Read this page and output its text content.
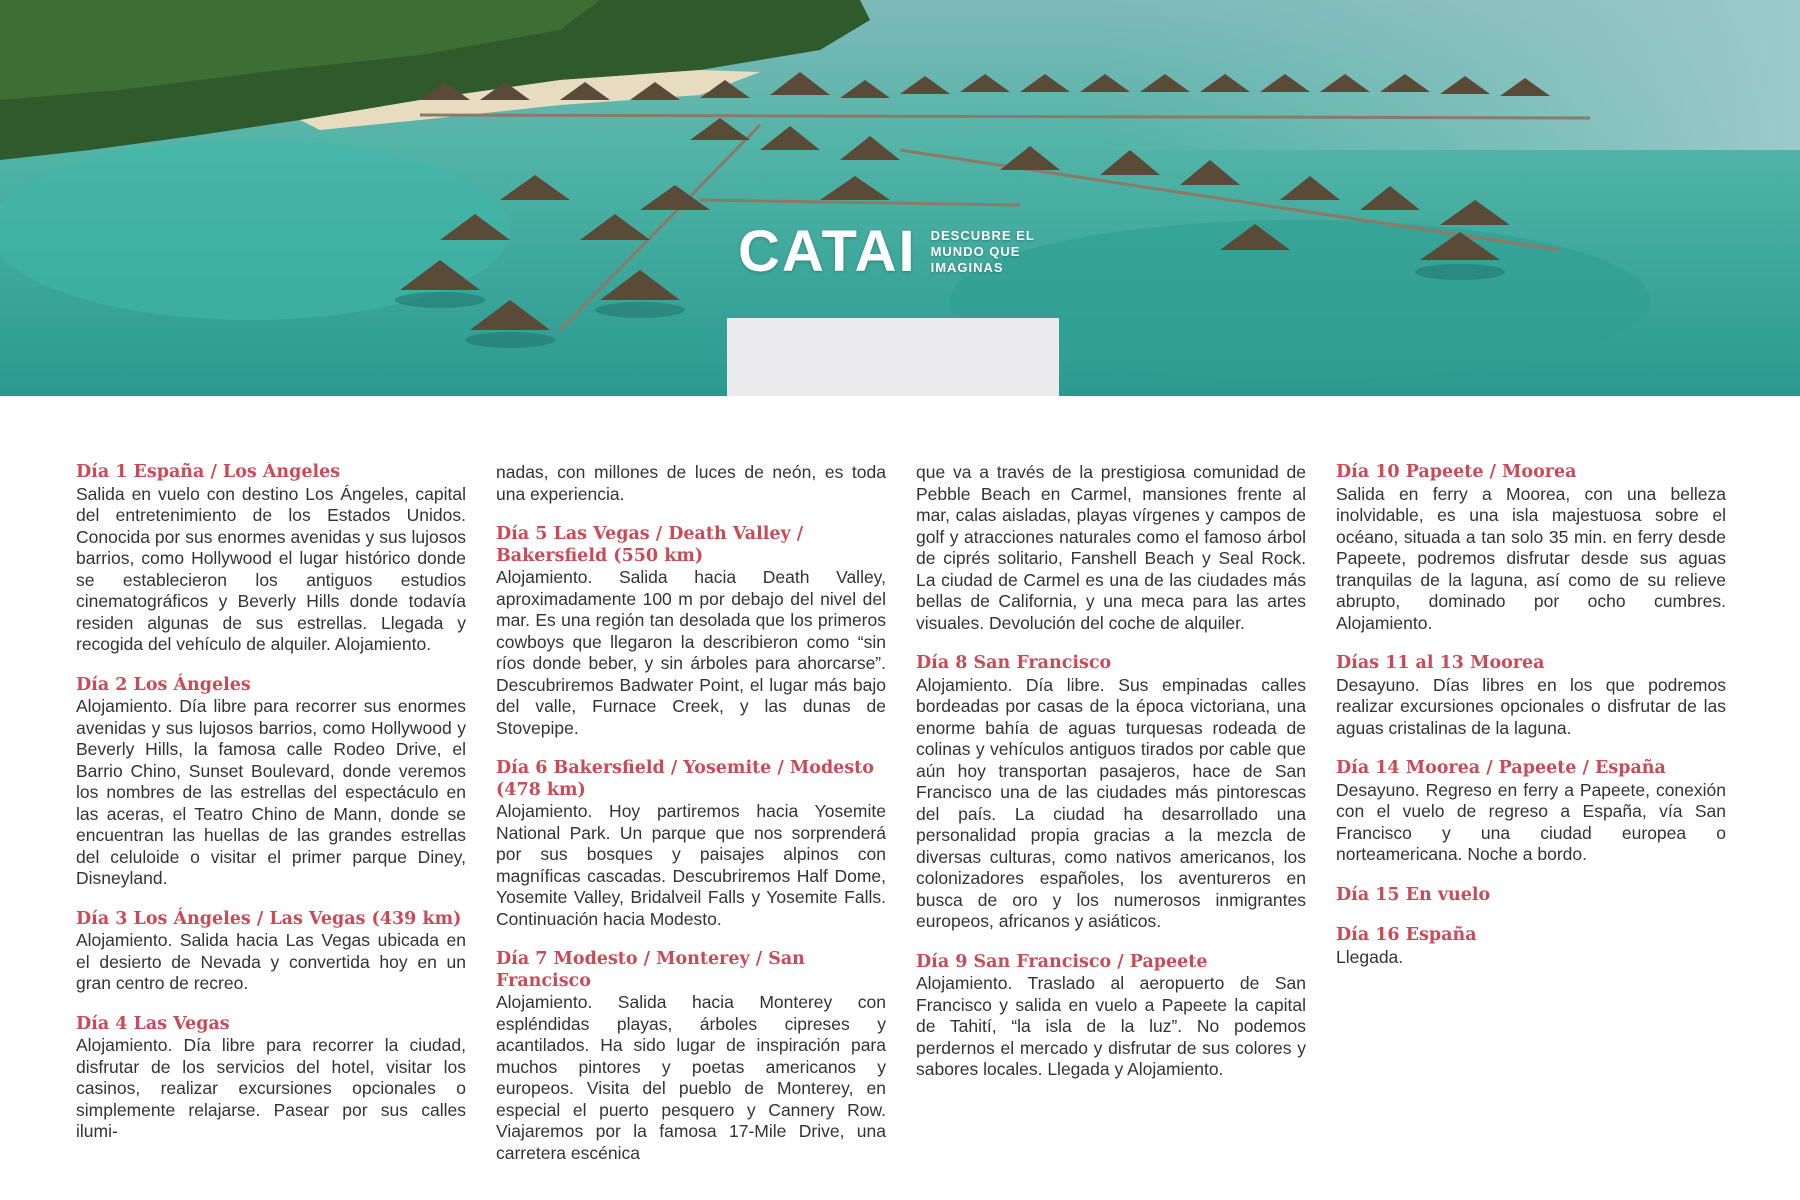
CATAI DESCUBRE EL
MUNDO QUE
IMAGINAS

Día 1 España / Los Ángeles

Salida en vuelo con destino Los Ángeles, capital del entretenimiento de los Estados Unidos. Conocida por sus enormes avenidas y sus lujosos barrios, como Hollywood el lugar histórico donde se establecieron los antiguos estudios cinematográficos y Beverly Hills donde todavía residen algunas de sus estrellas. Llegada y recogida del vehículo de alquiler. Alojamiento.

Día 2 Los Ángeles

Alojamiento. Día libre para recorrer sus enormes avenidas y sus lujosos barrios, como Hollywood y Beverly Hills, la famosa calle Rodeo Drive, el Barrio Chino, Sunset Boulevard, donde veremos los nombres de las estrellas del espectáculo en las aceras, el Teatro Chino de Mann, donde se encuentran las huellas de las grandes estrellas del celuloide o visitar el primer parque Diney, Disneyland.

Día 3 Los Ángeles / Las Vegas (439 km)

Alojamiento. Salida hacia Las Vegas ubicada en el desierto de Nevada y convertida hoy en un gran centro de recreo.

Día 4 Las Vegas

Alojamiento. Día libre para recorrer la ciudad, disfrutar de los servicios del hotel, visitar los casinos, realizar excursiones opcionales o simplemente relajarse. Pasear por sus calles ilumi-

nadas, con millones de luces de neón, es toda una experiencia.

Día 5 Las Vegas / Death Valley / Bakersfield (550 km)

Alojamiento. Salida hacia Death Valley, aproximadamente 100 m por debajo del nivel del mar. Es una región tan desolada que los primeros cowboys que llegaron la describieron como “sin ríos donde beber, y sin árboles para ahorcarse”. Descubriremos Badwater Point, el lugar más bajo del valle, Furnace Creek, y las dunas de Stovepipe.

Día 6 Bakersfield / Yosemite / Modesto (478 km)

Alojamiento. Hoy partiremos hacia Yosemite National Park. Un parque que nos sorprenderá por sus bosques y paisajes alpinos con magníficas cascadas. Descubriremos Half Dome, Yosemite Valley, Bridalveil Falls y Yosemite Falls. Continuación hacia Modesto.

Día 7 Modesto / Monterey / San Francisco

Alojamiento. Salida hacia Monterey con espléndidas playas, árboles cipreses y acantilados. Ha sido lugar de inspiración para muchos pintores y poetas americanos y europeos. Visita del pueblo de Monterey, en especial el puerto pesquero y Cannery Row. Viajaremos por la famosa 17-Mile Drive, una carretera escénica

que va a través de la prestigiosa comunidad de Pebble Beach en Carmel, mansiones frente al mar, calas aisladas, playas vírgenes y campos de golf y atracciones naturales como el famoso árbol de ciprés solitario, Fanshell Beach y Seal Rock. La ciudad de Carmel es una de las ciudades más bellas de California, y una meca para las artes visuales. Devolución del coche de alquiler.

Día 8 San Francisco

Alojamiento. Día libre. Sus empinadas calles bordeadas por casas de la época victoriana, una enorme bahía de aguas turquesas rodeada de colinas y vehículos antiguos tirados por cable que aún hoy transportan pasajeros, hace de San Francisco una de las ciudades más pintorescas del país. La ciudad ha desarrollado una personalidad propia gracias a la mezcla de diversas culturas, como nativos americanos, los colonizadores españoles, los aventureros en busca de oro y los numerosos inmigrantes europeos, africanos y asiáticos.

Día 9 San Francisco / Papeete

Alojamiento. Traslado al aeropuerto de San Francisco y salida en vuelo a Papeete la capital de Tahití, “la isla de la luz”. No podemos perdernos el mercado y disfrutar de sus colores y sabores locales. Llegada y Alojamiento.

Día 10 Papeete / Moorea

Salida en ferry a Moorea, con una belleza inolvidable, es una isla majestuosa sobre el océano, situada a tan solo 35 min. en ferry desde Papeete, podremos disfrutar desde sus aguas tranquilas de la laguna, así como de su relieve abrupto, dominado por ocho cumbres. Alojamiento.

Días 11 al 13 Moorea

Desayuno. Días libres en los que podremos realizar excursiones opcionales o disfrutar de las aguas cristalinas de la laguna.

Día 14 Moorea / Papeete / España

Desayuno. Regreso en ferry a Papeete, conexión con el vuelo de regreso a España, vía San Francisco y una ciudad europea o norteamericana. Noche a bordo.

Día 15 En vuelo

Día 16 España

Llegada.
